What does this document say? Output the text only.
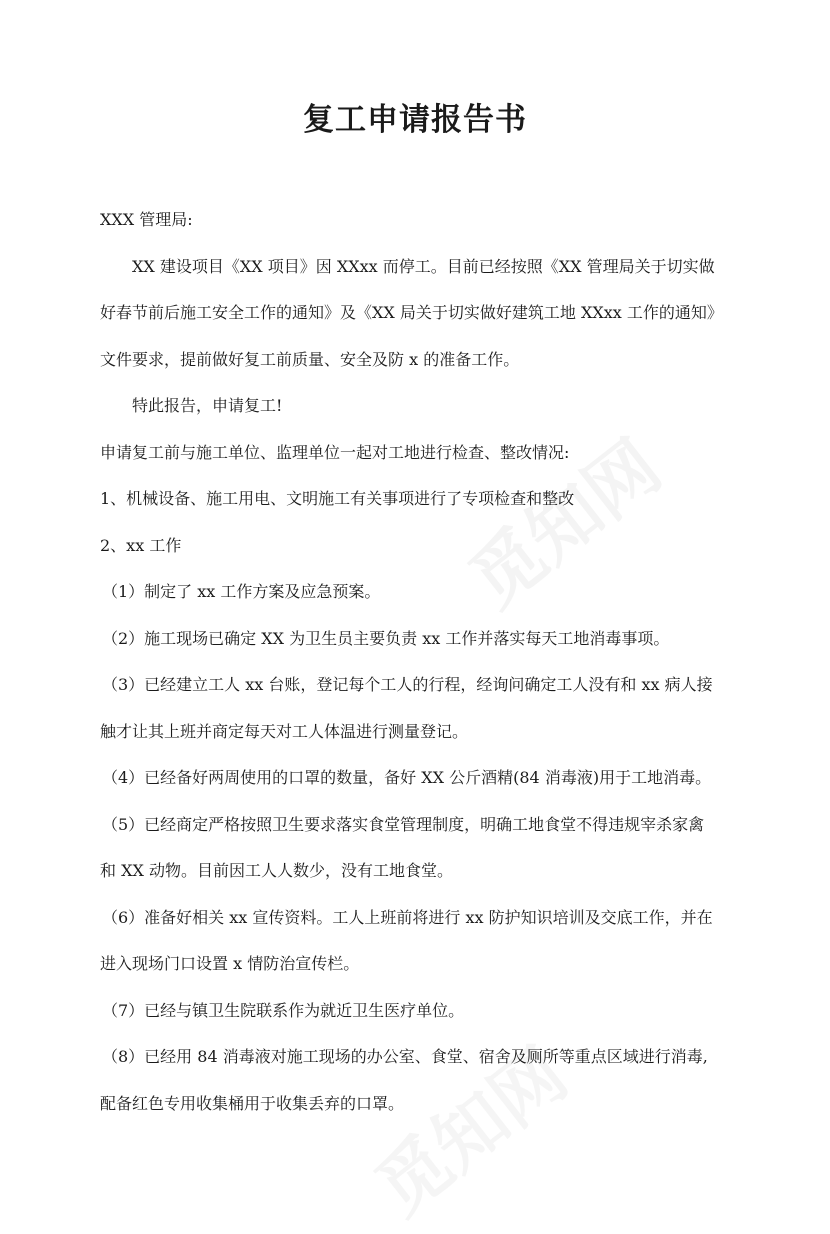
复工申请报告书

XXX 管理局:

XX 建设项目《XX 项目》因 XXxx 而停工。目前已经按照《XX 管理局关于切实做

好春节前后施工安全工作的通知》及《XX 局关于切实做好建筑工地 XXxx 工作的通知》

文件要求，提前做好复工前质量、安全及防 x 的准备工作。

特此报告，申请复工!

申请复工前与施工单位、监理单位一起对工地进行检查、整改情况:

1、机械设备、施工用电、文明施工有关事项进行了专项检查和整改

2、xx 工作

（1）制定了 xx 工作方案及应急预案。

（2）施工现场已确定 XX 为卫生员主要负责 xx 工作并落实每天工地消毒事项。

（3）已经建立工人 xx 台账，登记每个工人的行程，经询问确定工人没有和 xx 病人接

触才让其上班并商定每天对工人体温进行测量登记。

（4）已经备好两周使用的口罩的数量，备好 XX 公斤酒精(84 消毒液)用于工地消毒。

（5）已经商定严格按照卫生要求落实食堂管理制度，明确工地食堂不得违规宰杀家禽

和 XX 动物。目前因工人人数少，没有工地食堂。

（6）准备好相关 xx 宣传资料。工人上班前将进行 xx 防护知识培训及交底工作，并在

进入现场门口设置 x 情防治宣传栏。

（7）已经与镇卫生院联系作为就近卫生医疗单位。

（8）已经用 84 消毒液对施工现场的办公室、食堂、宿舍及厕所等重点区域进行消毒,

配备红色专用收集桶用于收集丢弃的口罩。
